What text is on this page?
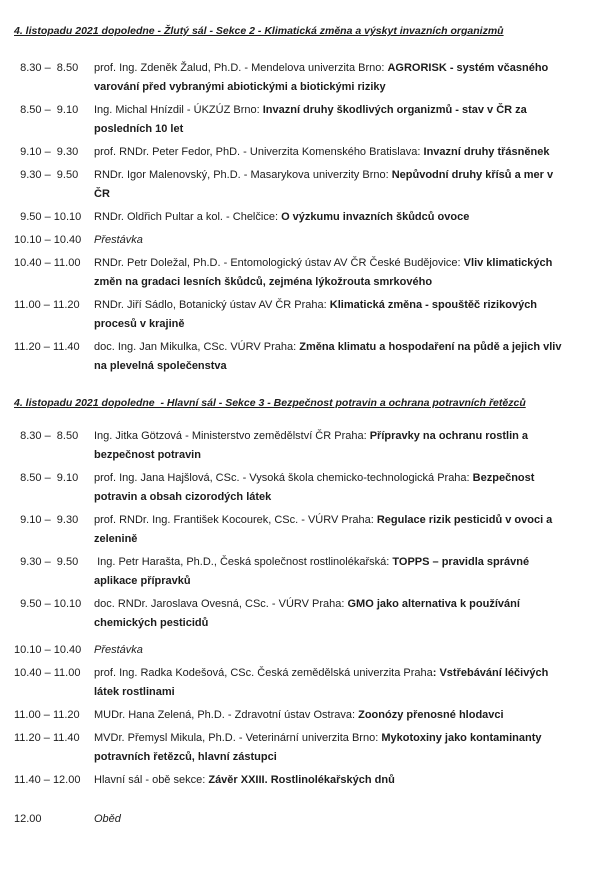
4. listopadu 2021 dopoledne - Žlutý sál - Sekce 2 - Klimatická změna a výskyt invazních organizmů
8.30 –  8.50	prof. Ing. Zdeněk Žalud, Ph.D. - Mendelova univerzita Brno: AGRORISK - systém včasného varování před vybranými abiotickými a biotickými riziky
8.50 –  9.10	Ing. Michal Hnízdil - ÚKZÚZ Brno: Invazní druhy škodlivých organizmů - stav v ČR za posledních 10 let
9.10 –  9.30	prof. RNDr. Peter Fedor, PhD. - Univerzita Komenského Bratislava: Invazní druhy třásněnek
9.30 –  9.50	RNDr. Igor Malenovský, Ph.D. - Masarykova univerzity Brno: Nepůvodní druhy křísů a mer v ČR
9.50 – 10.10	RNDr. Oldřich Pultar a kol. - Chelčice: O výzkumu invazních škůdců ovoce
10.10 – 10.40	Přestávka
10.40 – 11.00	RNDr. Petr Doležal, Ph.D. - Entomologický ústav AV ČR České Budějovice: Vliv klimatických změn na gradaci lesních škůdců, zejména lýkožrouta smrkového
11.00 – 11.20	RNDr. Jiří Sádlo, Botanický ústav AV ČR Praha: Klimatická změna - spouštěč rizikových procesů v krajině
11.20 – 11.40	doc. Ing. Jan Mikulka, CSc. VÚRV Praha: Změna klimatu a hospodaření na půdě a jejich vliv na plevelná společenstva
4. listopadu 2021 dopoledne  - Hlavní sál - Sekce 3 - Bezpečnost potravin a ochrana potravních řetězců
8.30 –  8.50	Ing. Jitka Götzová - Ministerstvo zemědělství ČR Praha: Přípravky na ochranu rostlin a bezpečnost potravin
8.50 –  9.10	prof. Ing. Jana Hajšlová, CSc. - Vysoká škola chemicko-technologická Praha: Bezpečnost potravin a obsah cizorodých látek
9.10 –  9.30	prof. RNDr. Ing. František Kocourek, CSc. - VÚRV Praha: Regulace rizik pesticidů v ovoci a zelenině
9.30 –  9.50	Ing. Petr Harašta, Ph.D., Česká společnost rostlinolékařská: TOPPS – pravidla správné aplikace přípravků
9.50 – 10.10	doc. RNDr. Jaroslava Ovesná, CSc. - VÚRV Praha: GMO jako alternativa k používání chemických pesticidů
10.10 – 10.40	Přestávka
10.40 – 11.00	prof. Ing. Radka Kodešová, CSc. Česká zemědělská univerzita Praha: Vstřebávání léčivých látek rostlinami
11.00 – 11.20	MUDr. Hana Zelená, Ph.D. - Zdravotní ústav Ostrava: Zoonózy přenosné hlodavci
11.20 – 11.40	MVDr. Přemysl Mikula, Ph.D. - Veterinární univerzita Brno: Mykotoxiny jako kontaminanty potravních řetězců, hlavní zástupci
11.40 – 12.00	Hlavní sál - obě sekce: Závěr XXIII. Rostlinolékařských dnů
12.00	Oběd
